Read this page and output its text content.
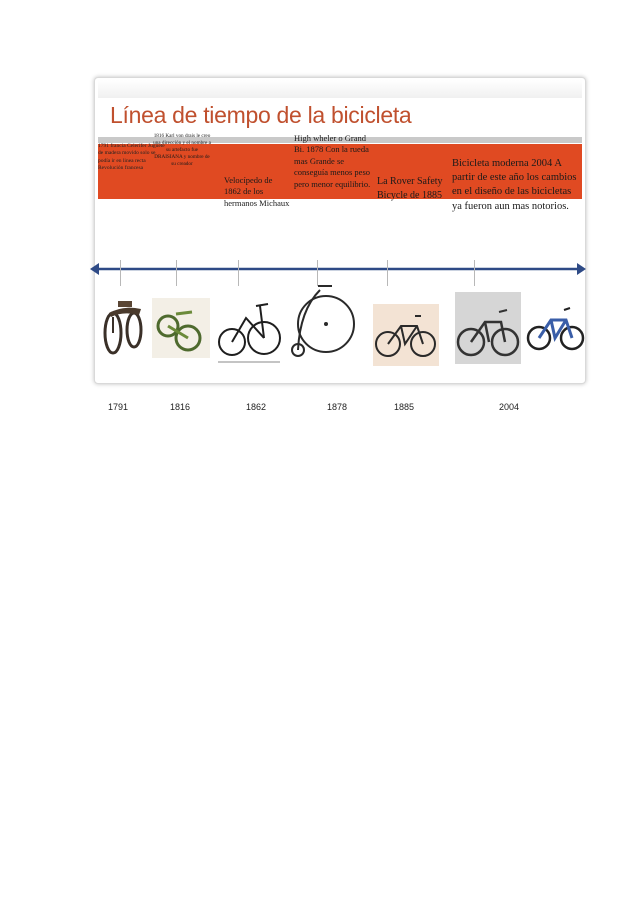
Línea de tiempo de la bicicleta
1791 francia Celerífer Juguete de madera movido solo se podía ir en linea recta Revolución francesa
1816 Karl von drais le creo una dirección y el nombre a su artefacto fue DRAISIANA y nombre de su creador
Velocípedo de 1862 de los hermanos Michaux
High wheler o Grand Bi. 1878 Con la rueda mas Grande se conseguía menos peso pero menor equilibrio. La Rover Safety Bicycle de 1885
Bicicleta moderna 2004 A partir de este año los cambios en el diseño de las bicicletas ya fueron aun mas notorios.
1791	1816	1862	1878	1885	2004
